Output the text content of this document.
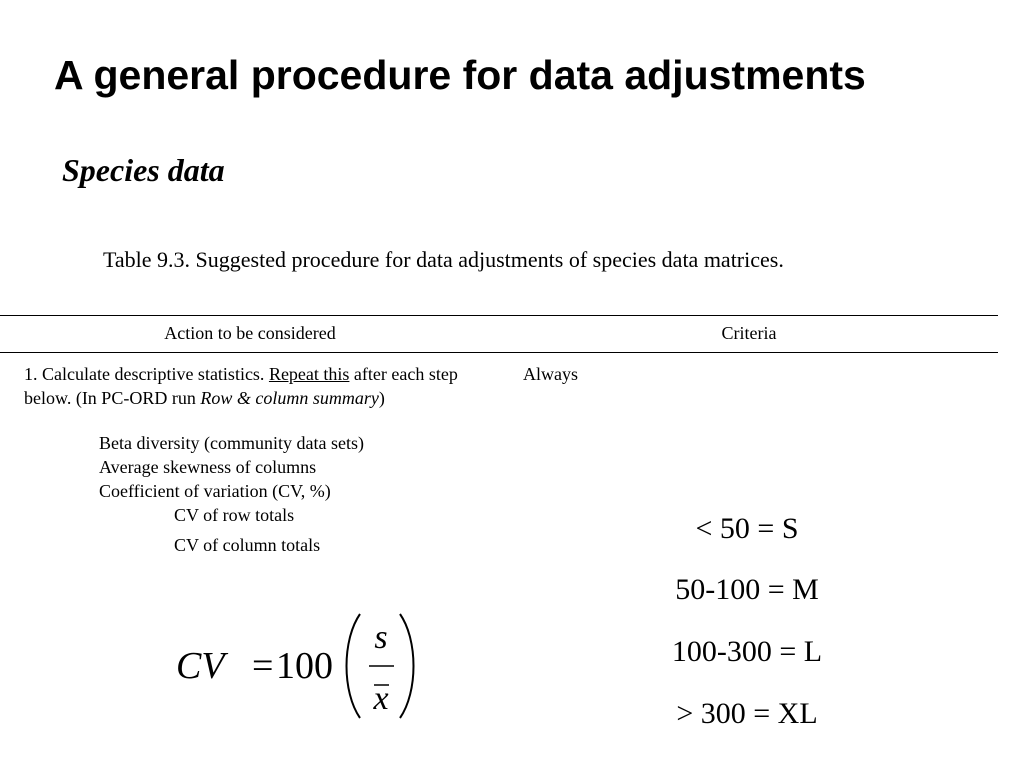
A general procedure for data adjustments
Species data
Table 9.3. Suggested procedure for data adjustments of species data matrices.
Action to be considered	Criteria
1. Calculate descriptive statistics. Repeat this after each step below. (In PC-ORD run Row & column summary)
Always
Beta diversity (community data sets)
Average skewness of columns
Coefficient of variation (CV, %)
CV of row totals
CV of column totals	< 50 = S
50-100 = M
100-300 = L
> 300 = XL
CV = 100
s
x
